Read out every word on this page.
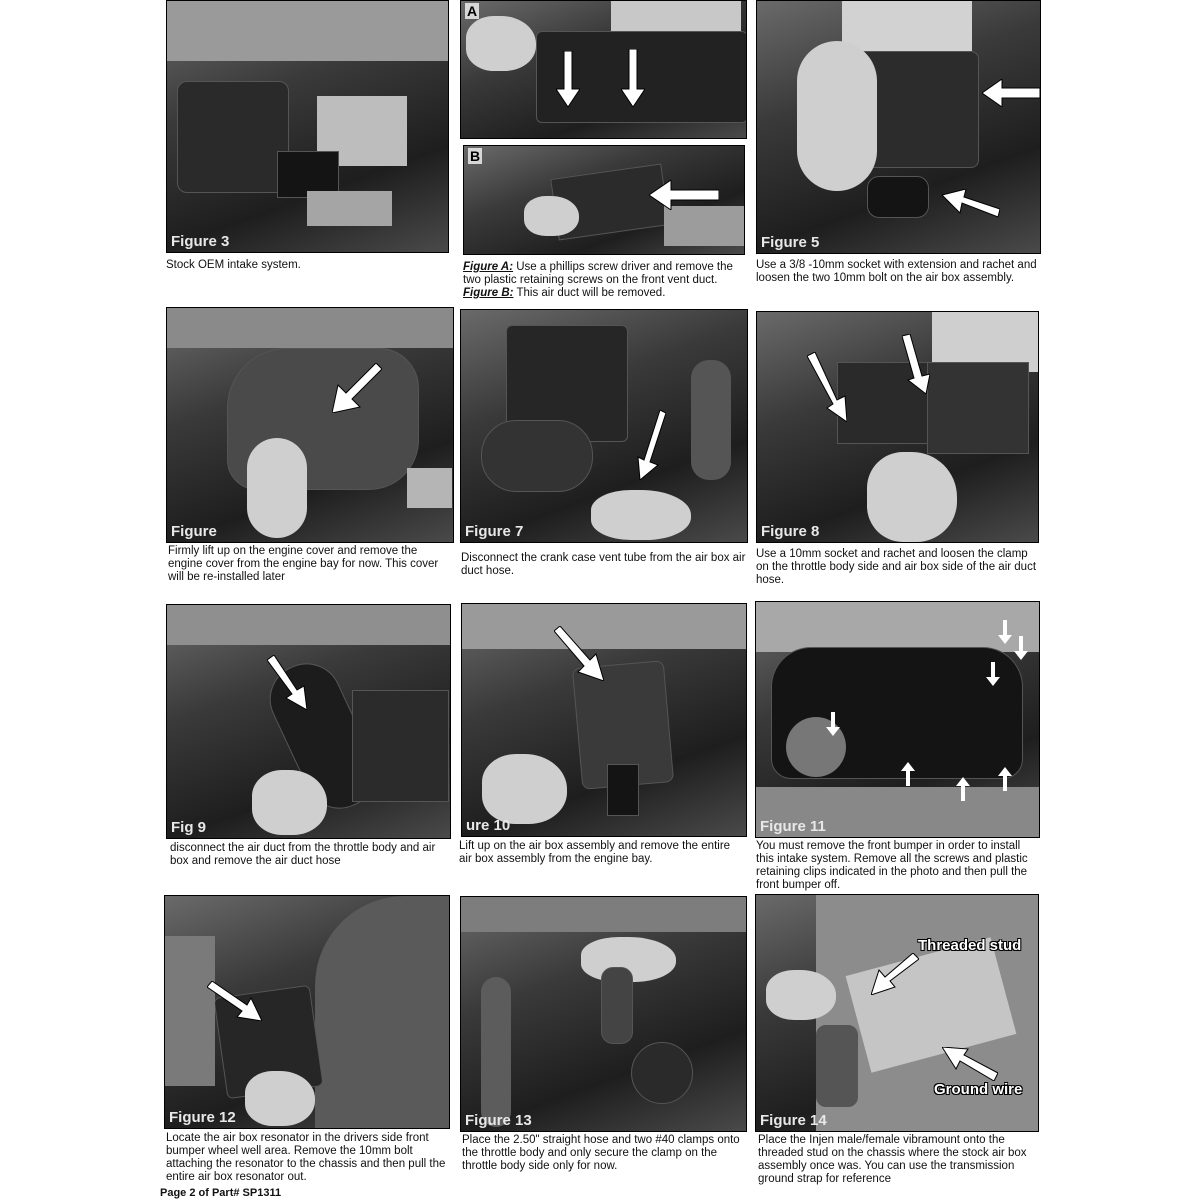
Figure 3
Stock OEM intake system.
A
B
Figure A: Use a phillips screw driver and remove the two plastic retaining screws on the front vent duct.
Figure B: This air duct will be removed.
Figure 5
Use a 3/8 -10mm socket with extension and rachet and loosen the two 10mm bolt on the air box assembly.
Figure
Firmly lift up on the engine cover and remove the engine cover from the engine bay for now. This cover will be re-installed later
Figure 7
Disconnect the crank case vent tube from the air box air duct hose.
Figure 8
Use a 10mm socket and rachet and loosen the clamp on the throttle body side and air box side of the air duct hose.
Fig 9
disconnect the air duct from the throttle body and air box and remove the air duct hose
ure 10
Lift up on the air box assembly and remove the entire air box assembly from the engine bay.
Figure 11
You must remove the front bumper in order to install this intake system. Remove all the screws and plastic retaining clips indicated in the photo and then pull the front bumper off.
Figure 12
Locate the air box resonator in the drivers side front bumper wheel well area. Remove the 10mm bolt attaching the resonator to the chassis and then pull the entire air box resonator out.
Figure 13
Place the 2.50" straight hose and two #40 clamps onto the throttle body and only secure the clamp on the throttle body side only for now.
Threaded stud
Ground wire
Figure 14
Place the Injen male/female vibramount onto the threaded stud on the chassis where the stock air box assembly once was. You can use the transmission ground strap for reference
Page 2 of Part# SP1311
